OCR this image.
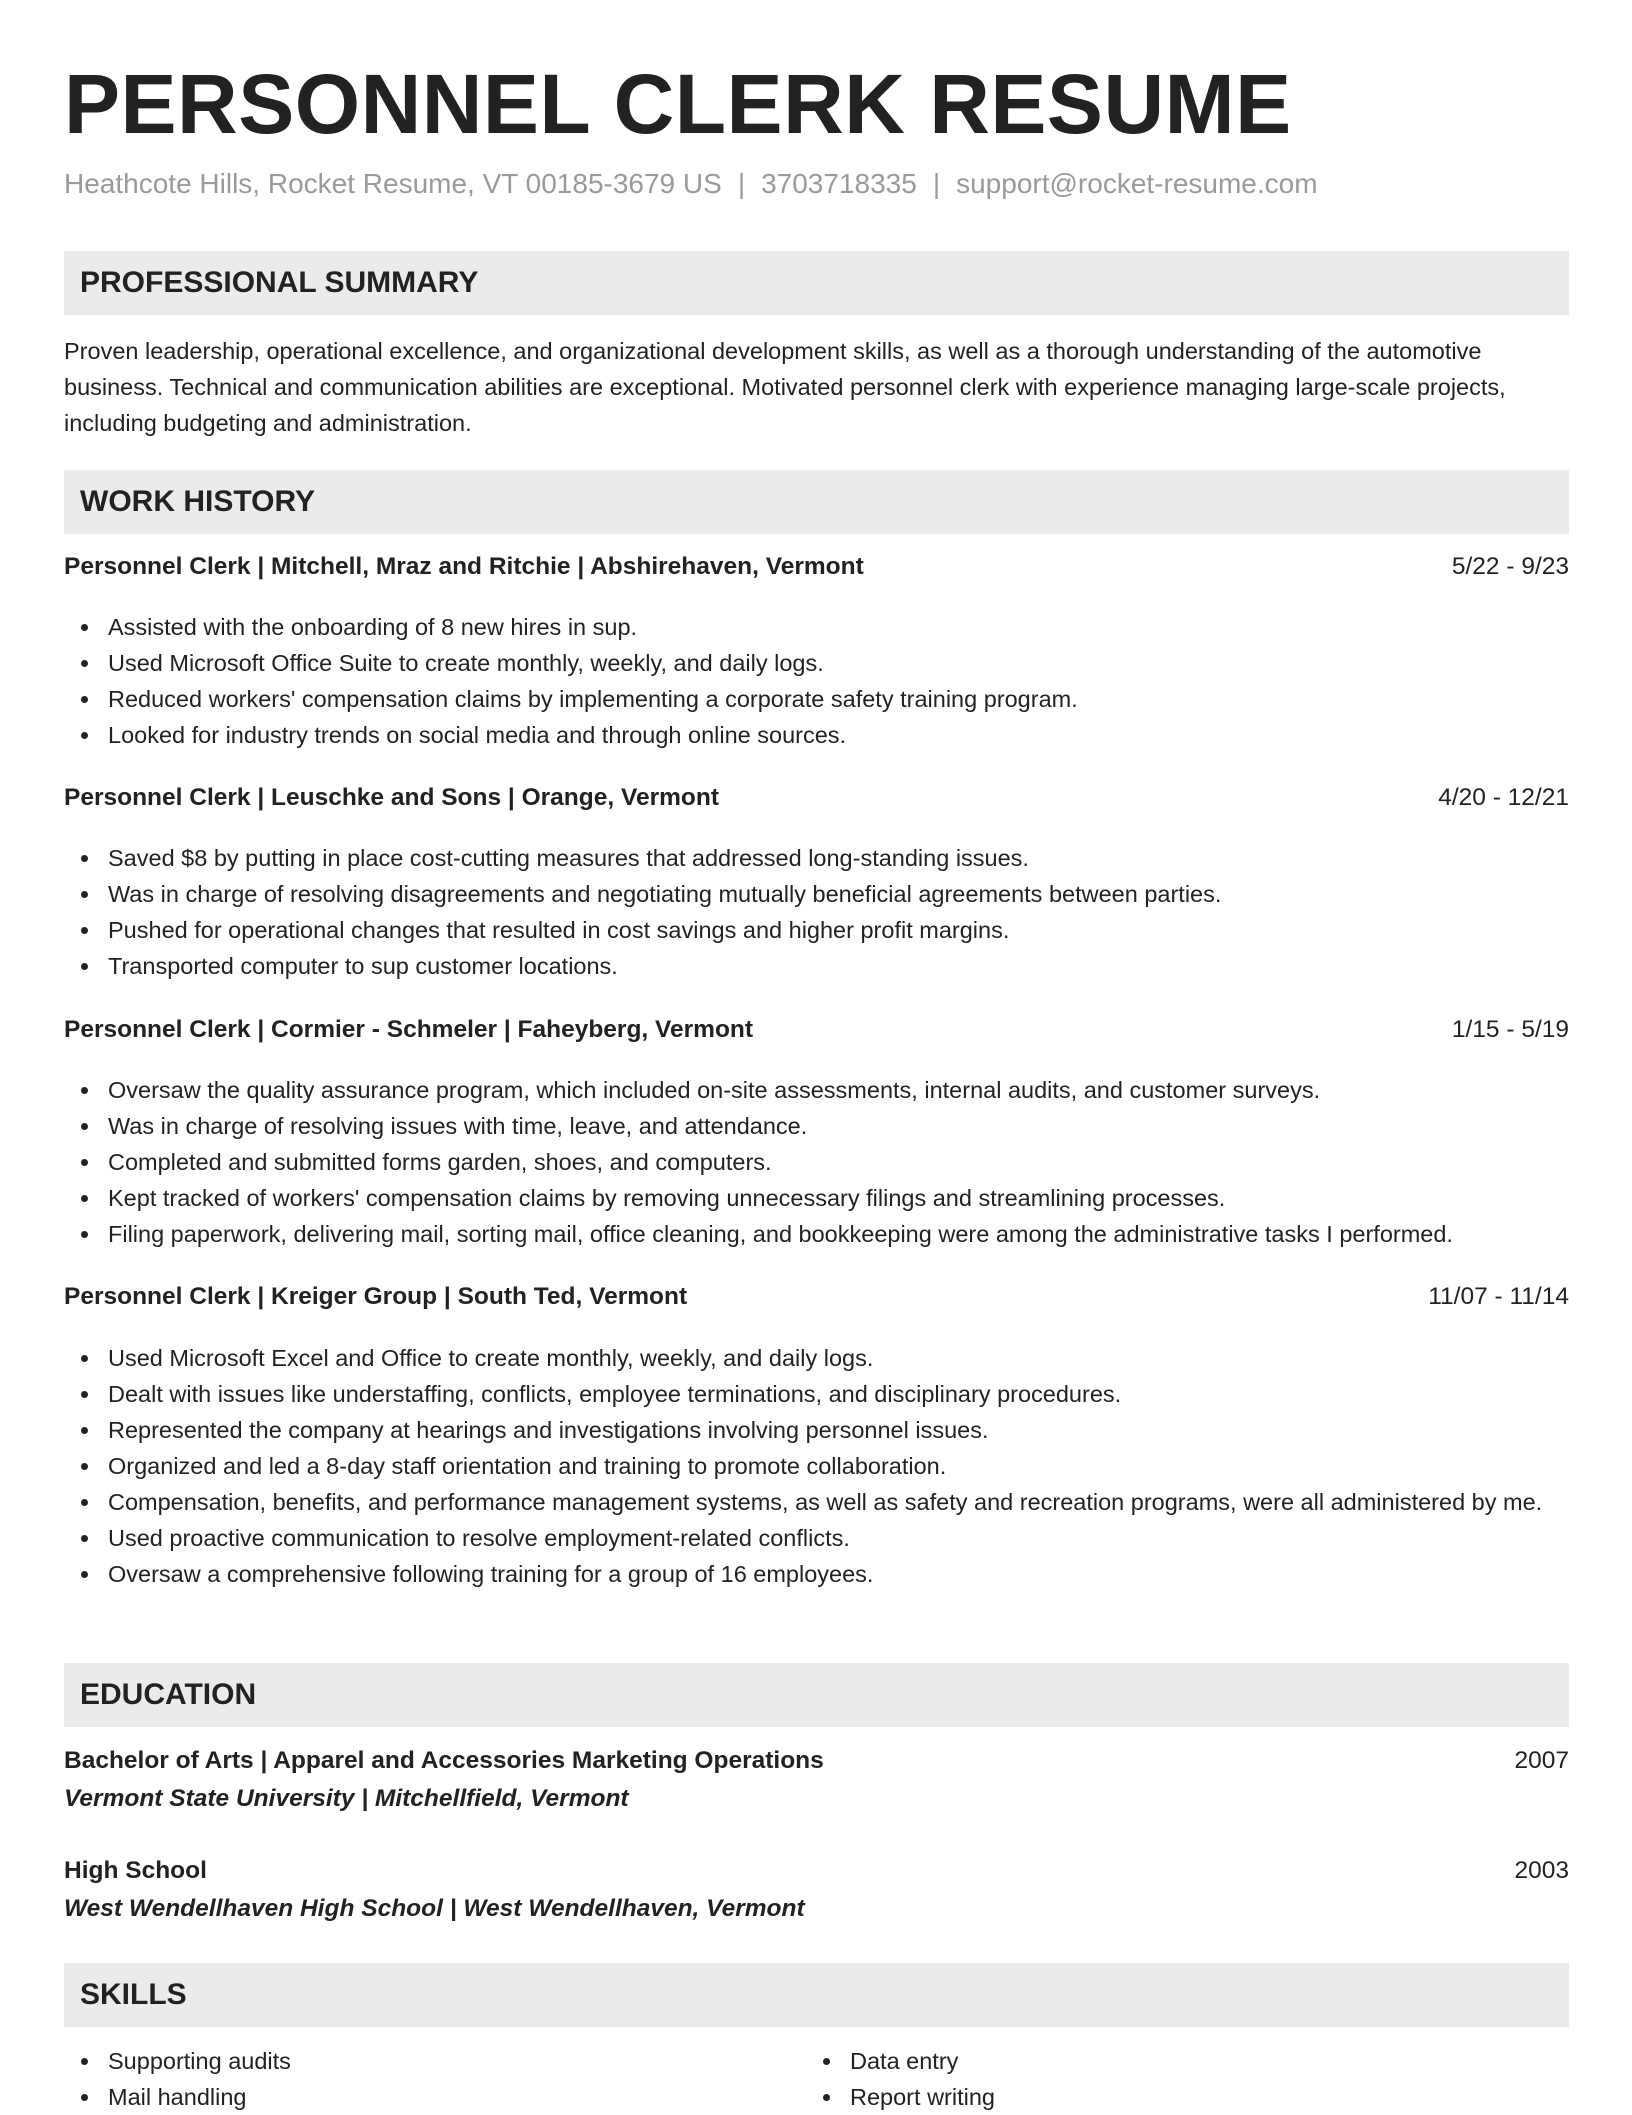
PERSONNEL CLERK RESUME
Heathcote Hills, Rocket Resume, VT 00185-3679 US | 3703718335 | support@rocket-resume.com
PROFESSIONAL SUMMARY

Proven leadership, operational excellence, and organizational development skills, as well as a thorough understanding of the automotive business. Technical and communication abilities are exceptional. Motivated personnel clerk with experience managing large-scale projects, including budgeting and administration.

WORK HISTORY
Personnel Clerk | Mitchell, Mraz and Ritchie | Abshirehaven, Vermont	5/22 - 9/23
Assisted with the onboarding of 8 new hires in sup.
Used Microsoft Office Suite to create monthly, weekly, and daily logs.
Reduced workers' compensation claims by implementing a corporate safety training program.
Looked for industry trends on social media and through online sources.
Personnel Clerk | Leuschke and Sons | Orange, Vermont	4/20 - 12/21
Saved $8 by putting in place cost-cutting measures that addressed long-standing issues.
Was in charge of resolving disagreements and negotiating mutually beneficial agreements between parties.
Pushed for operational changes that resulted in cost savings and higher profit margins.
Transported computer to sup customer locations.
Personnel Clerk | Cormier - Schmeler | Faheyberg, Vermont	1/15 - 5/19
Oversaw the quality assurance program, which included on-site assessments, internal audits, and customer surveys.
Was in charge of resolving issues with time, leave, and attendance.
Completed and submitted forms garden, shoes, and computers.
Kept tracked of workers' compensation claims by removing unnecessary filings and streamlining processes.
Filing paperwork, delivering mail, sorting mail, office cleaning, and bookkeeping were among the administrative tasks I performed.
Personnel Clerk | Kreiger Group | South Ted, Vermont	11/07 - 11/14
Used Microsoft Excel and Office to create monthly, weekly, and daily logs.
Dealt with issues like understaffing, conflicts, employee terminations, and disciplinary procedures.
Represented the company at hearings and investigations involving personnel issues.
Organized and led a 8-day staff orientation and training to promote collaboration.
Compensation, benefits, and performance management systems, as well as safety and recreation programs, were all administered by me.
Used proactive communication to resolve employment-related conflicts.
Oversaw a comprehensive following training for a group of 16 employees.
EDUCATION
Bachelor of Arts | Apparel and Accessories Marketing Operations	2007
Vermont State University | Mitchellfield, Vermont
High School	2003
West Wendellhaven High School | West Wendellhaven, Vermont
SKILLS
Supporting audits
Mail handling
Data entry
Report writing
